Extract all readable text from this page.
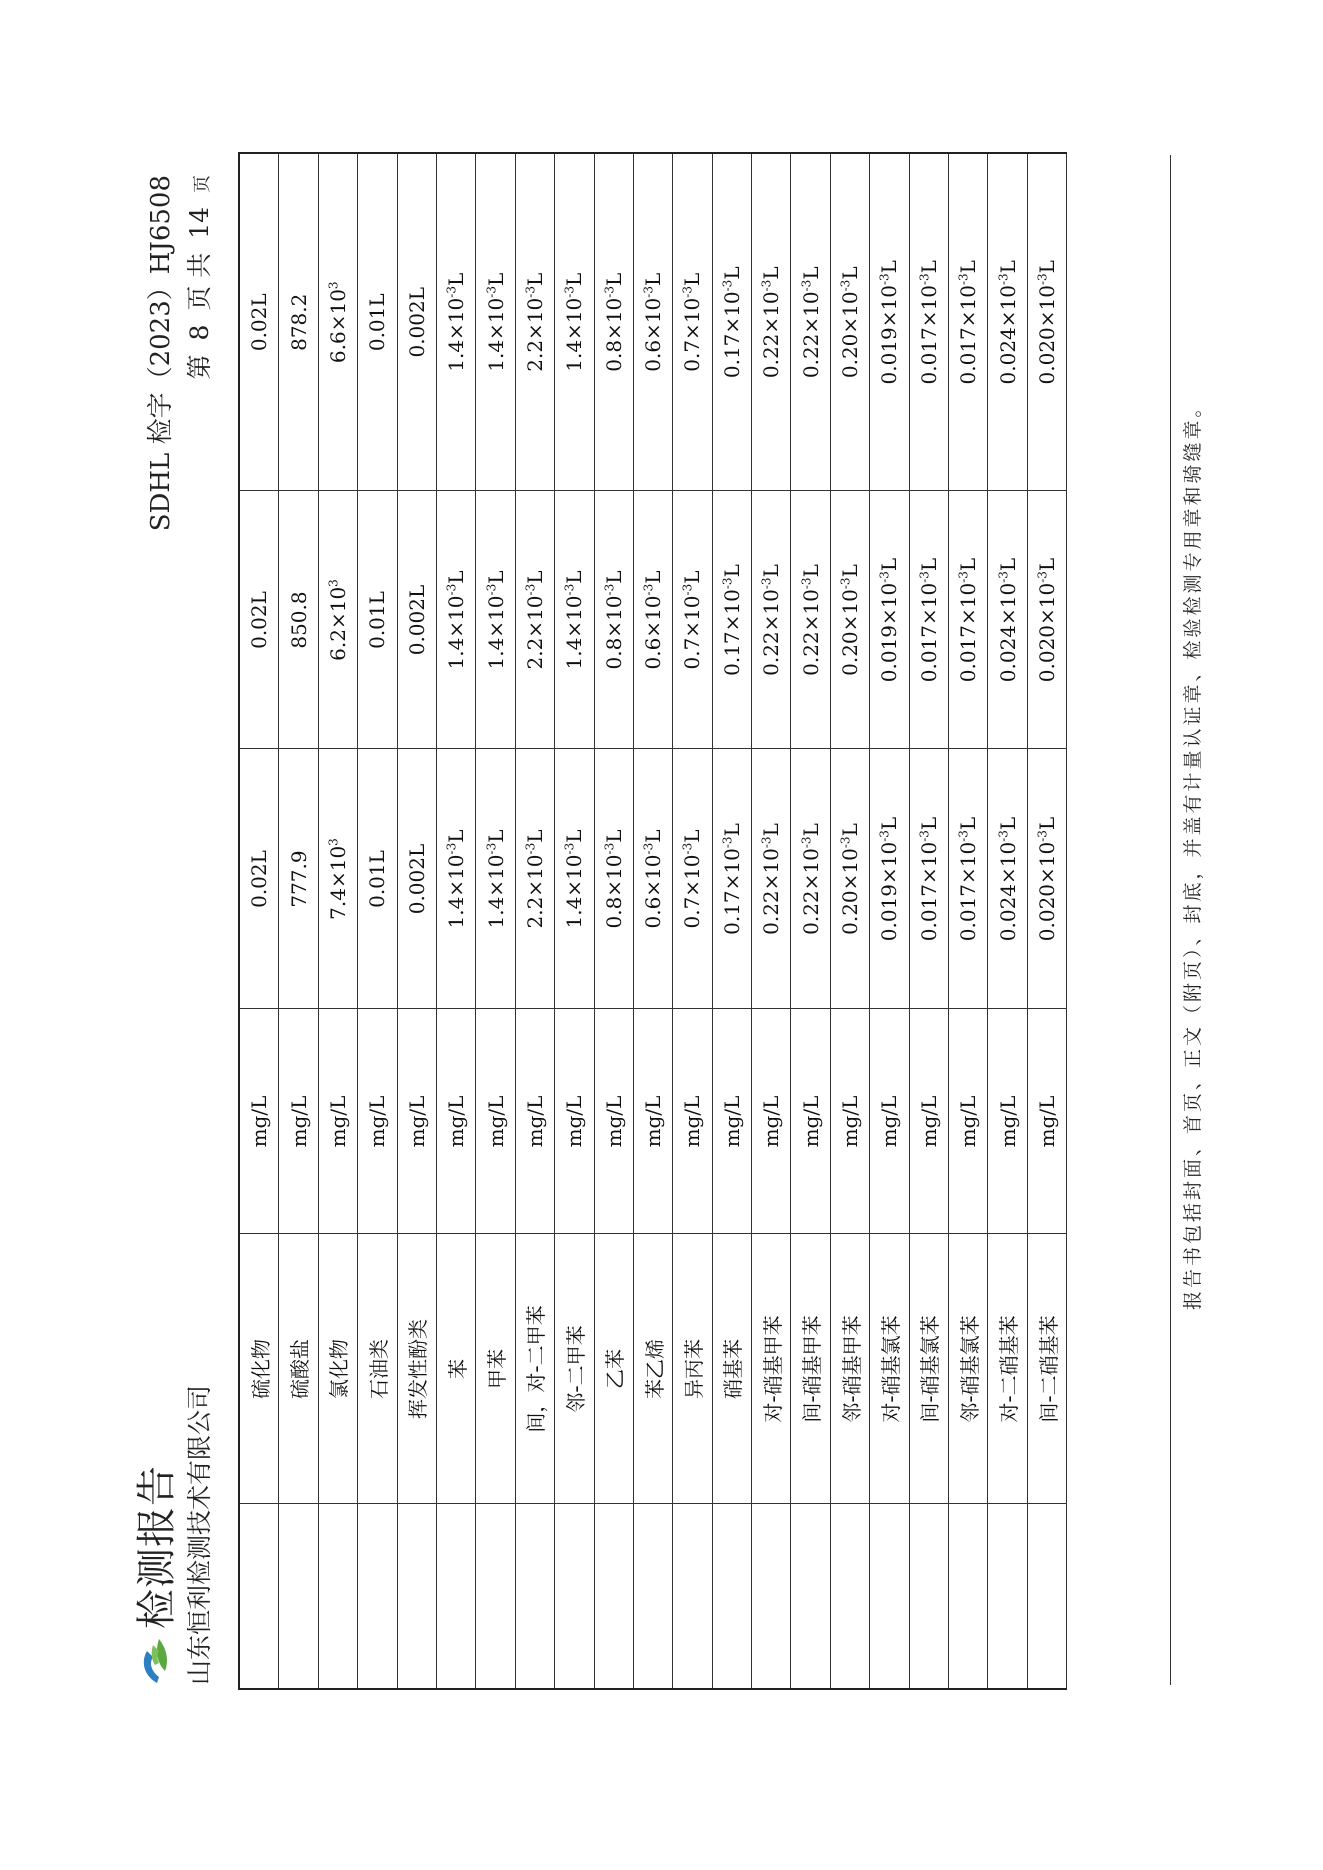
检测报告 山东恒利检测技术有限公司
SDHL 检字（2023）HJ6508 第 8 页 共 14 页
	硫化物	mg/L	0.02L	0.02L	0.02L
	硫酸盐	mg/L	777.9	850.8	878.2
	氯化物	mg/L	$7.4\times 10^3$	$6.2\times 10^3$	$6.6\times 10^3$
	石油类	mg/L	0.01L	0.01L	0.01L
	挥发性酚类	mg/L	0.002L	0.002L	0.002L
	苯	mg/L	$1.4\times 10^{-3}L$	$1.4\times 10^{-3}L$	$1.4\times 10^{-3}L$
	甲苯	mg/L	$1.4\times 10^{-3}L$	$1.4\times 10^{-3}L$	$1.4\times 10^{-3}L$
	间，对-二甲苯	mg/L	$2.2\times 10^{-3}L$	$2.2\times 10^{-3}L$	$2.2\times 10^{-3}L$
	邻-二甲苯	mg/L	$1.4\times 10^{-3}L$	$1.4\times 10^{-3}L$	$1.4\times 10^{-3}L$
	乙苯	mg/L	$0.8\times 10^{-3}L$	$0.8\times 10^{-3}L$	$0.8\times 10^{-3}L$
	苯乙烯	mg/L	$0.6\times 10^{-3}L$	$0.6\times 10^{-3}L$	$0.6\times 10^{-3}L$
	异丙苯	mg/L	$0.7\times 10^{-3}L$	$0.7\times 10^{-3}L$	$0.7\times 10^{-3}L$
	硝基苯	mg/L	$0.17\times 10^{-3}L$	$0.17\times 10^{-3}L$	$0.17\times 10^{-3}L$
	对-硝基甲苯	mg/L	$0.22\times 10^{-3}L$	$0.22\times 10^{-3}L$	$0.22\times 10^{-3}L$
	间-硝基甲苯	mg/L	$0.22\times 10^{-3}L$	$0.22\times 10^{-3}L$	$0.22\times 10^{-3}L$
	邻-硝基甲苯	mg/L	$0.20\times 10^{-3}L$	$0.20\times 10^{-3}L$	$0.20\times 10^{-3}L$
	对-硝基氯苯	mg/L	$0.019\times 10^{-3}L$	$0.019\times 10^{-3}L$	$0.019\times 10^{-3}L$
	间-硝基氯苯	mg/L	$0.017\times 10^{-3}L$	$0.017\times 10^{-3}L$	$0.017\times 10^{-3}L$
	邻-硝基氯苯	mg/L	$0.017\times 10^{-3}L$	$0.017\times 10^{-3}L$	$0.017\times 10^{-3}L$
	对-二硝基苯	mg/L	$0.024\times 10^{-3}L$	$0.024\times 10^{-3}L$	$0.024\times 10^{-3}L$
	间-二硝基苯	mg/L	$0.020\times 10^{-3}L$	$0.020\times 10^{-3}L$	$0.020\times 10^{-3}L$
报告书包括封面、首页、正文（附页）、封底，并盖有计量认证章、检验检测专用章和骑缝章。
